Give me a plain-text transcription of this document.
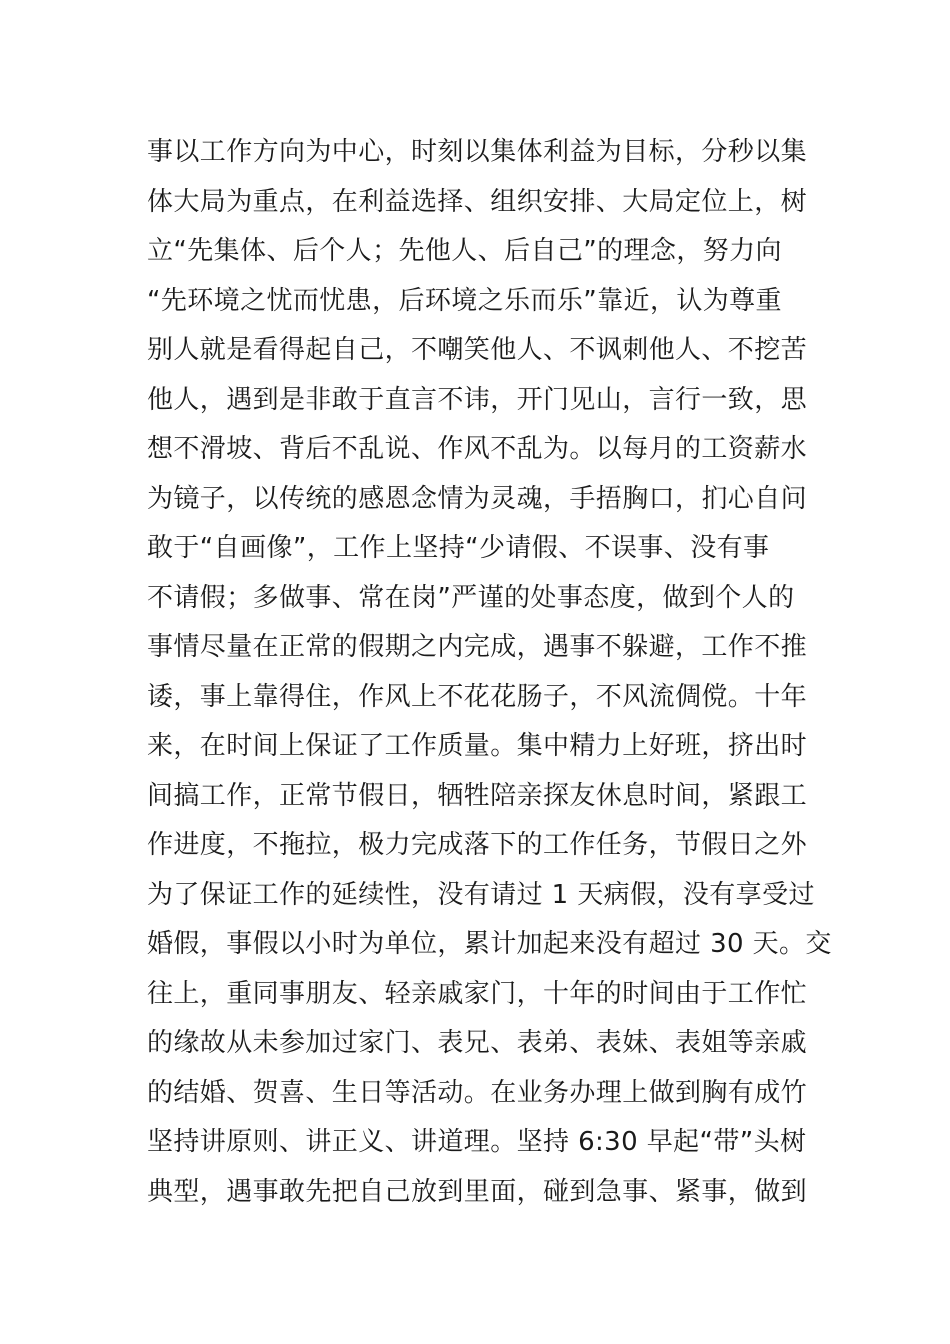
事以工作方向为中心，时刻以集体利益为目标，分秒以集
体大局为重点，在利益选择、组织安排、大局定位上，树
立“先集体、后个人；先他人、后自己”的理念，努力向
“先环境之忧而忧患，后环境之乐而乐”靠近，认为尊重
别人就是看得起自己，不嘲笑他人、不讽刺他人、不挖苦
他人，遇到是非敢于直言不讳，开门见山，言行一致，思
想不滑坡、背后不乱说、作风不乱为。以每月的工资薪水
为镜子，以传统的感恩念情为灵魂，手捂胸口，扪心自问
敢于“自画像”，工作上坚持“少请假、不误事、没有事
不请假；多做事、常在岗”严谨的处事态度，做到个人的
事情尽量在正常的假期之内完成，遇事不躲避，工作不推
诿，事上靠得住，作风上不花花肠子，不风流倜傥。十年
来，在时间上保证了工作质量。集中精力上好班，挤出时
间搞工作，正常节假日，牺牲陪亲探友休息时间，紧跟工
作进度，不拖拉，极力完成落下的工作任务，节假日之外
为了保证工作的延续性，没有请过 1 天病假，没有享受过
婚假，事假以小时为单位，累计加起来没有超过 30 天。交
往上，重同事朋友、轻亲戚家门，十年的时间由于工作忙
的缘故从未参加过家门、表兄、表弟、表妹、表姐等亲戚
的结婚、贺喜、生日等活动。在业务办理上做到胸有成竹
坚持讲原则、讲正义、讲道理。坚持 6:30 早起“带”头树
典型，遇事敢先把自己放到里面，碰到急事、紧事，做到
